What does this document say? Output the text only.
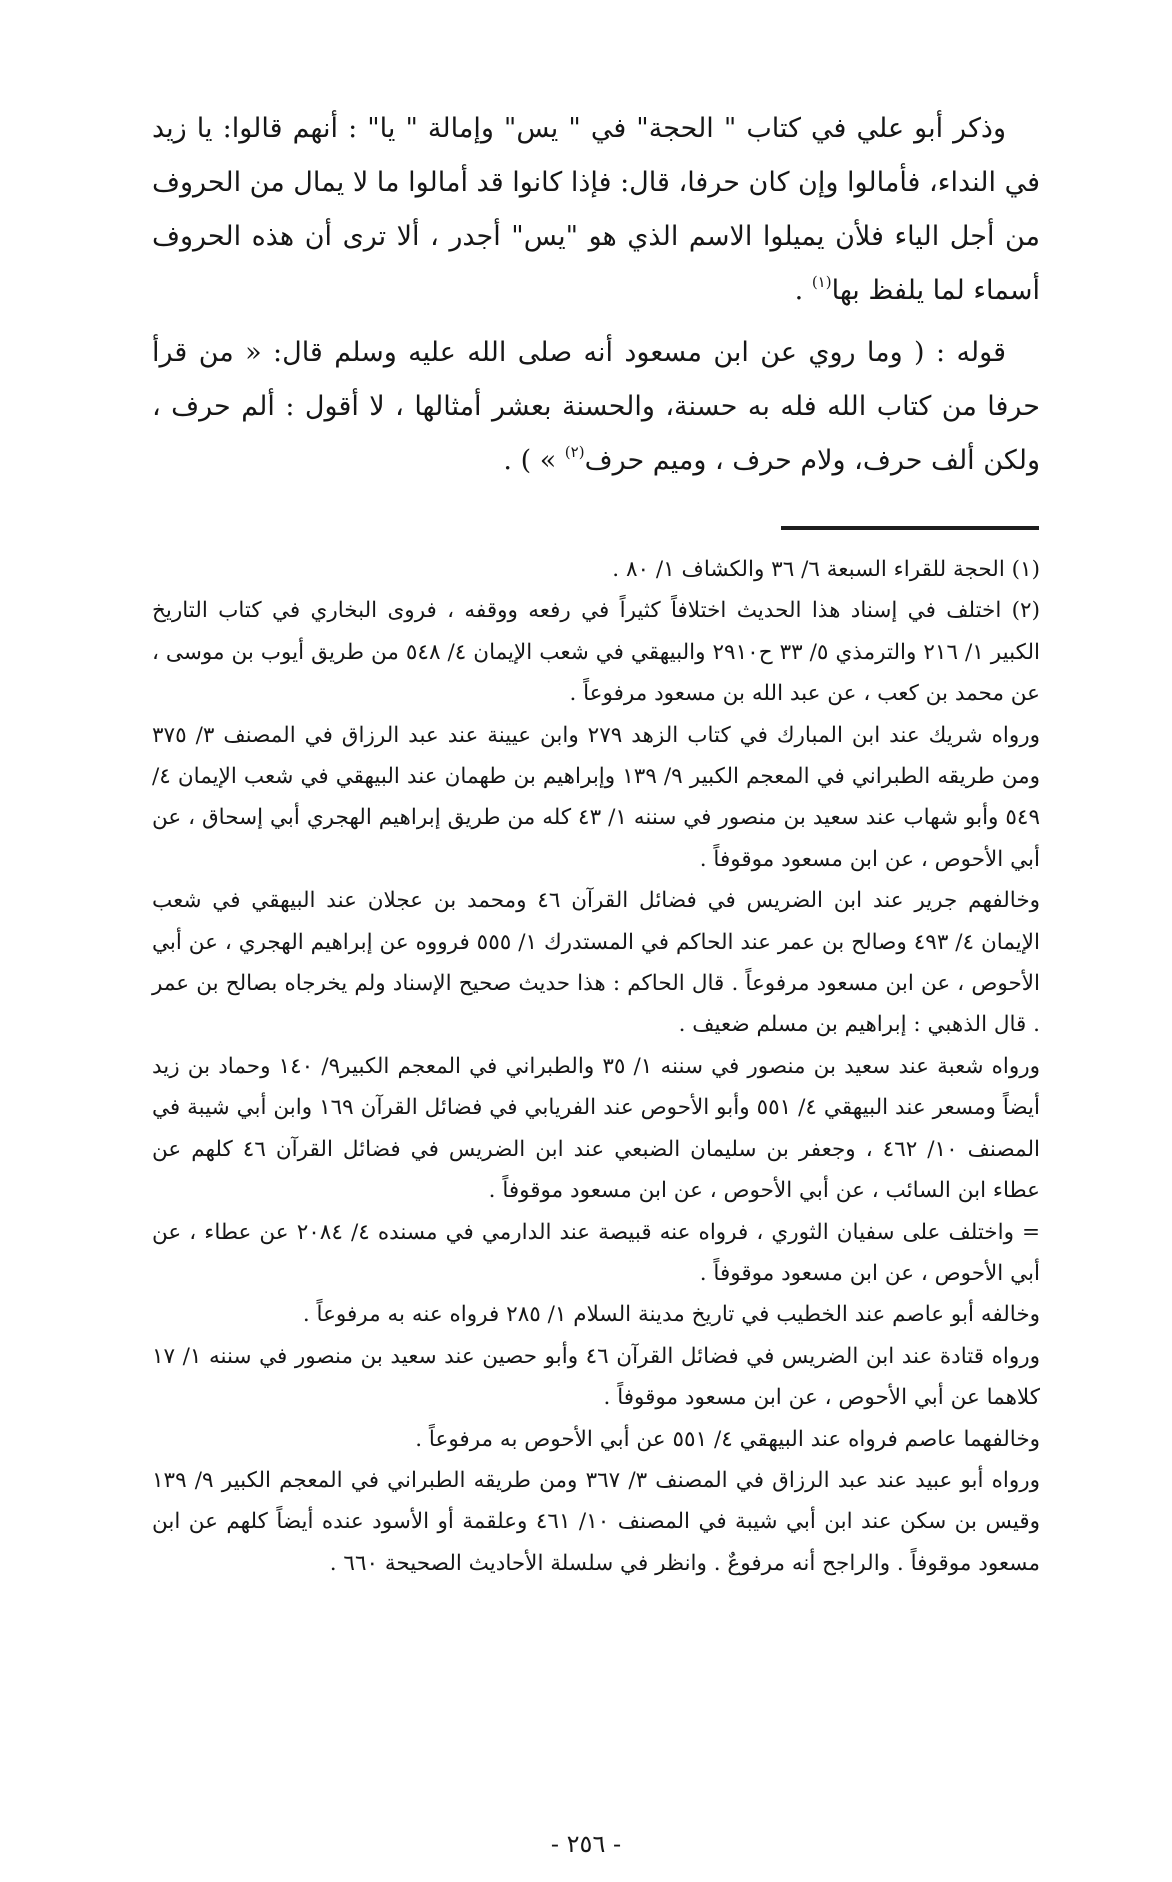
وذكر أبو علي في كتاب " الحجة" في " يس" وإمالة " يا" : أنهم قالوا: يا زيد في النداء، فأمالوا وإن كان حرفا، قال: فإذا كانوا قد أمالوا ما لا يمال من الحروف من أجل الياء فلأن يميلوا الاسم الذي هو "يس" أجدر ، ألا ترى أن هذه الحروف أسماء لما يلفظ بها$^{(١)}$ .

قوله : ( وما روي عن ابن مسعود أنه صلى الله عليه وسلم قال: « من قرأ حرفا من كتاب الله فله به حسنة، والحسنة بعشر أمثالها ، لا أقول : ألم حرف ، ولكن ألف حرف، ولام حرف ، وميم حرف$^{(٢)}$ » ) .

(١) الحجة للقراء السبعة ٦/ ٣٦ والكشاف ١/ ٨٠ .

(٢) اختلف في إسناد هذا الحديث اختلافاً كثيراً في رفعه ووقفه ، فروى البخاري في كتاب التاريخ الكبير ١/ ٢١٦ والترمذي ٥/ ٣٣ ح٢٩١٠ والبيهقي في شعب الإيمان ٤/ ٥٤٨ من طريق أيوب بن موسى ، عن محمد بن كعب ، عن عبد الله بن مسعود مرفوعاً .

ورواه شريك عند ابن المبارك في كتاب الزهد ٢٧٩ وابن عيينة عند عبد الرزاق في المصنف ٣/ ٣٧٥ ومن طريقه الطبراني في المعجم الكبير ٩/ ١٣٩ وإبراهيم بن طهمان عند البيهقي في شعب الإيمان ٤/ ٥٤٩ وأبو شهاب عند سعيد بن منصور في سننه ١/ ٤٣ كله من طريق إبراهيم الهجري أبي إسحاق ، عن أبي الأحوص ، عن ابن مسعود موقوفاً .

وخالفهم جرير عند ابن الضريس في فضائل القرآن ٤٦ ومحمد بن عجلان عند البيهقي في شعب الإيمان ٤/ ٤٩٣ وصالح بن عمر عند الحاكم في المستدرك ١/ ٥٥٥ فرووه عن إبراهيم الهجري ، عن أبي الأحوص ، عن ابن مسعود مرفوعاً . قال الحاكم : هذا حديث صحيح الإسناد ولم يخرجاه بصالح بن عمر . قال الذهبي : إبراهيم بن مسلم ضعيف .

ورواه شعبة عند سعيد بن منصور في سننه ١/ ٣٥ والطبراني في المعجم الكبير٩/ ١٤٠ وحماد بن زيد أيضاً ومسعر عند البيهقي ٤/ ٥٥١ وأبو الأحوص عند الفريابي في فضائل القرآن ١٦٩ وابن أبي شيبة في المصنف ١٠/ ٤٦٢ ، وجعفر بن سليمان الضبعي عند ابن الضريس في فضائل القرآن ٤٦ كلهم عن عطاء ابن السائب ، عن أبي الأحوص ، عن ابن مسعود موقوفاً .

= واختلف على سفيان الثوري ، فرواه عنه قبيصة عند الدارمي في مسنده ٤/ ٢٠٨٤ عن عطاء ، عن أبي الأحوص ، عن ابن مسعود موقوفاً .

وخالفه أبو عاصم عند الخطيب في تاريخ مدينة السلام ١/ ٢٨٥ فرواه عنه به مرفوعاً .

ورواه قتادة عند ابن الضريس في فضائل القرآن ٤٦ وأبو حصين عند سعيد بن منصور في سننه ١/ ١٧ كلاهما عن أبي الأحوص ، عن ابن مسعود موقوفاً .

وخالفهما عاصم فرواه عند البيهقي ٤/ ٥٥١ عن أبي الأحوص به مرفوعاً .

ورواه أبو عبيد عند عبد الرزاق في المصنف ٣/ ٣٦٧ ومن طريقه الطبراني في المعجم الكبير ٩/ ١٣٩ وقيس بن سكن عند ابن أبي شيبة في المصنف ١٠/ ٤٦١ وعلقمة أو الأسود عنده أيضاً كلهم عن ابن مسعود موقوفاً . والراجح أنه مرفوعٌ . وانظر في سلسلة الأحاديث الصحيحة ٦٦٠ .

- ٢٥٦ -
